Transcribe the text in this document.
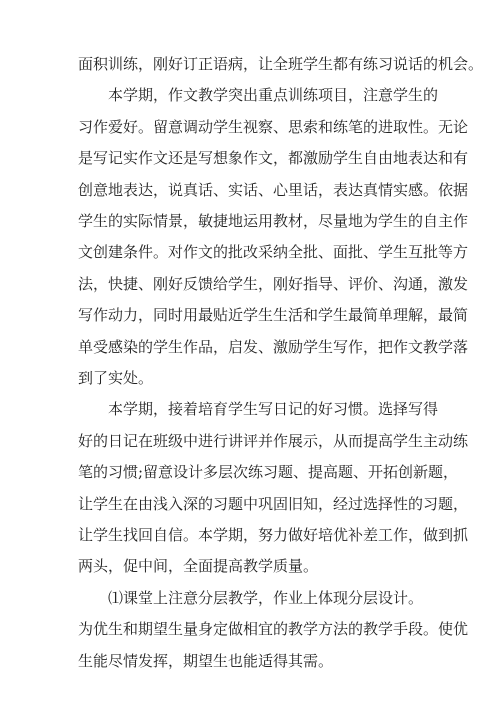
面积训练，刚好订正语病，让全班学生都有练习说话的机会。
本学期，作文教学突出重点训练项目，注意学生的
习作爱好。留意调动学生视察、思索和练笔的进取性。无论
是写记实作文还是写想象作文，都激励学生自由地表达和有
创意地表达，说真话、实话、心里话，表达真情实感。依据
学生的实际情景，敏捷地运用教材，尽量地为学生的自主作
文创建条件。对作文的批改采纳全批、面批、学生互批等方
法，快捷、刚好反馈给学生，刚好指导、评价、沟通，激发
写作动力，同时用最贴近学生生活和学生最简单理解，最简
单受感染的学生作品，启发、激励学生写作，把作文教学落
到了实处。
本学期，接着培育学生写日记的好习惯。选择写得
好的日记在班级中进行讲评并作展示，从而提高学生主动练
笔的习惯;留意设计多层次练习题、提高题、开拓创新题，
让学生在由浅入深的习题中巩固旧知，经过选择性的习题，
让学生找回自信。本学期，努力做好培优补差工作，做到抓
两头，促中间，全面提高教学质量。
⑴课堂上注意分层教学，作业上体现分层设计。
为优生和期望生量身定做相宜的教学方法的教学手段。使优
生能尽情发挥，期望生也能适得其需。
